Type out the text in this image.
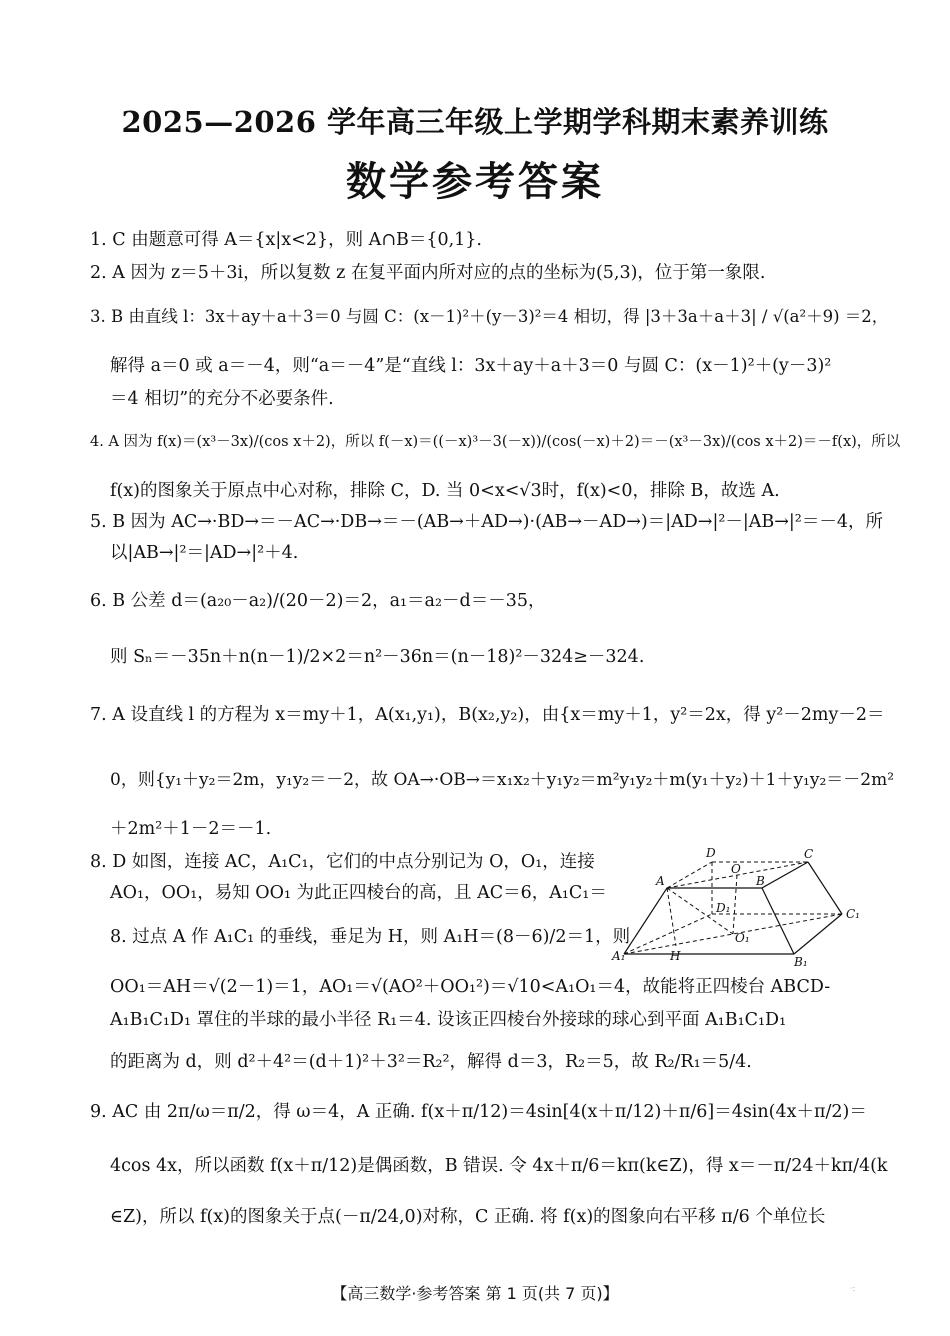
2025—2026 学年高三年级上学期学科期末素养训练
数学参考答案
1. C 由题意可得 A＝{x|x<2}，则 A∩B＝{0,1}.
2. A 因为 z＝5＋3i，所以复数 z 在复平面内所对应的点的坐标为(5,3)，位于第一象限.
3. B 由直线 l：3x＋ay＋a＋3＝0 与圆 C：(x－1)²＋(y－3)²＝4 相切，得 |3＋3a＋a＋3| / √(a²＋9) ＝2，
解得 a＝0 或 a＝－4，则“a＝－4”是“直线 l：3x＋ay＋a＋3＝0 与圆 C：(x－1)²＋(y－3)²
＝4 相切”的充分不必要条件.
4. A 因为 f(x)＝(x³－3x)/(cos x＋2)，所以 f(－x)＝((－x)³－3(－x))/(cos(－x)＋2)＝－(x³－3x)/(cos x＋2)＝－f(x)，所以
f(x)的图象关于原点中心对称，排除 C，D. 当 0<x<√3时，f(x)<0，排除 B，故选 A.
5. B 因为 AC→·BD→＝－AC→·DB→＝－(AB→＋AD→)·(AB→－AD→)＝|AD→|²－|AB→|²＝－4，所
以|AB→|²＝|AD→|²＋4.
6. B 公差 d＝(a₂₀－a₂)/(20－2)＝2，a₁＝a₂－d＝－35，
则 Sₙ＝－35n＋n(n－1)/2×2＝n²－36n＝(n－18)²－324≥－324.
7. A 设直线 l 的方程为 x＝my＋1，A(x₁,y₁)，B(x₂,y₂)，由{x＝my＋1，y²＝2x，得 y²－2my－2＝
0，则{y₁＋y₂＝2m，y₁y₂＝－2，故 OA→·OB→＝x₁x₂＋y₁y₂＝m²y₁y₂＋m(y₁＋y₂)＋1＋y₁y₂＝－2m²
＋2m²＋1－2＝－1.
8. D 如图，连接 AC，A₁C₁，它们的中点分别记为 O，O₁，连接
AO₁，OO₁，易知 OO₁ 为此正四棱台的高，且 AC＝6，A₁C₁＝
8. 过点 A 作 A₁C₁ 的垂线，垂足为 H，则 A₁H＝(8－6)/2＝1，则
OO₁＝AH＝√(2－1)＝1，AO₁＝√(AO²＋OO₁²)＝√10<A₁O₁＝4，故能将正四棱台 ABCD-
A₁B₁C₁D₁ 罩住的半球的最小半径 R₁＝4. 设该正四棱台外接球的球心到平面 A₁B₁C₁D₁
的距离为 d，则 d²＋4²＝(d＋1)²＋3²＝R₂²，解得 d＝3，R₂＝5，故 R₂/R₁＝5/4.
9. AC 由 2π/ω＝π/2，得 ω＝4，A 正确. f(x＋π/12)＝4sin[4(x＋π/12)＋π/6]＝4sin(4x＋π/2)＝
4cos 4x，所以函数 f(x＋π/12)是偶函数，B 错误. 令 4x＋π/6＝kπ(k∈Z)，得 x＝－π/24＋kπ/4(k
∈Z)，所以 f(x)的图象关于点(－π/24,0)对称，C 正确. 将 f(x)的图象向右平移 π/6 个单位长
D	C
O
A	B
D₁	C₁
O₁
A₁	H	B₁
【高三数学·参考答案 第 1 页(共 7 页)】	·:
